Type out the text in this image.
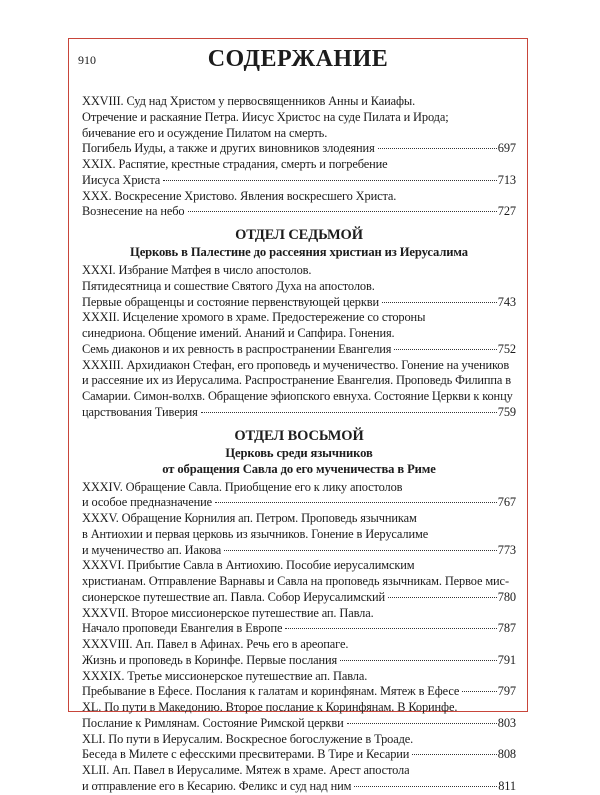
910	СОДЕРЖАНИЕ
XXVIII. Суд над Христом у первосвященников Анны и Каиафы.
Отречение и раскаяние Петра. Иисус Христос на суде Пилата и Ирода;
бичевание его и осуждение Пилатом на смерть.
Погибель Иуды, а также и других виновников злодеяния	697
XXIX. Распятие, крестные страдания, смерть и погребение
Иисуса Христа	713
XXX. Воскресение Христово. Явления воскресшего Христа.
Вознесение на небо	727
ОТДЕЛ СЕДЬМОЙ
Церковь в Палестине до рассеяния христиан из Иерусалима
XXXI. Избрание Матфея в число апостолов.
Пятидесятница и сошествие Святого Духа на апостолов.
Первые обращенцы и состояние первенствующей церкви	743
XXXII. Исцеление хромого в храме. Предостережение со стороны
синедриона. Общение имений. Ананий и Сапфира. Гонения.
Семь диаконов и их ревность в распространении Евангелия	752
XXXIII. Архидиакон Стефан, его проповедь и мученичество. Гонение на учеников
и рассеяние их из Иерусалима. Распространение Евангелия. Проповедь Филиппа в
Самарии. Симон-волхв. Обращение эфиопского евнуха. Состояние Церкви к концу
царствования Тиверия	759
ОТДЕЛ ВОСЬМОЙ
Церковь среди язычников
от обращения Савла до его мученичества в Риме
XXXIV. Обращение Савла. Приобщение его к лику апостолов
и особое предназначение	767
XXXV. Обращение Корнилия ап. Петром. Проповедь язычникам
в Антиохии и первая церковь из язычников. Гонение в Иерусалиме
и мученичество ап. Иакова	773
XXXVI. Прибытие Савла в Антиохию. Пособие иерусалимским
христианам. Отправление Варнавы и Савла на проповедь язычникам. Первое мис-
сионерское путешествие ап. Павла. Собор Иерусалимский	780
XXXVII. Второе миссионерское путешествие ап. Павла.
Начало проповеди Евангелия в Европе	787
XXXVIII. Ап. Павел в Афинах. Речь его в ареопаге.
Жизнь и проповедь в Коринфе. Первые послания	791
XXXIX. Третье миссионерское путешествие ап. Павла.
Пребывание в Ефесе. Послания к галатам и коринфянам. Мятеж в Ефесе	797
XL. По пути в Македонию. Второе послание к Коринфянам. В Коринфе.
Послание к Римлянам. Состояние Римской церкви	803
XLI. По пути в Иерусалим. Воскресное богослужение в Троаде.
Беседа в Милете с ефесскими пресвитерами. В Тире и Кесарии	808
XLII. Ап. Павел в Иерусалиме. Мятеж в храме. Арест апостола
и отправление его в Кесарию. Феликс и суд над ним	811
